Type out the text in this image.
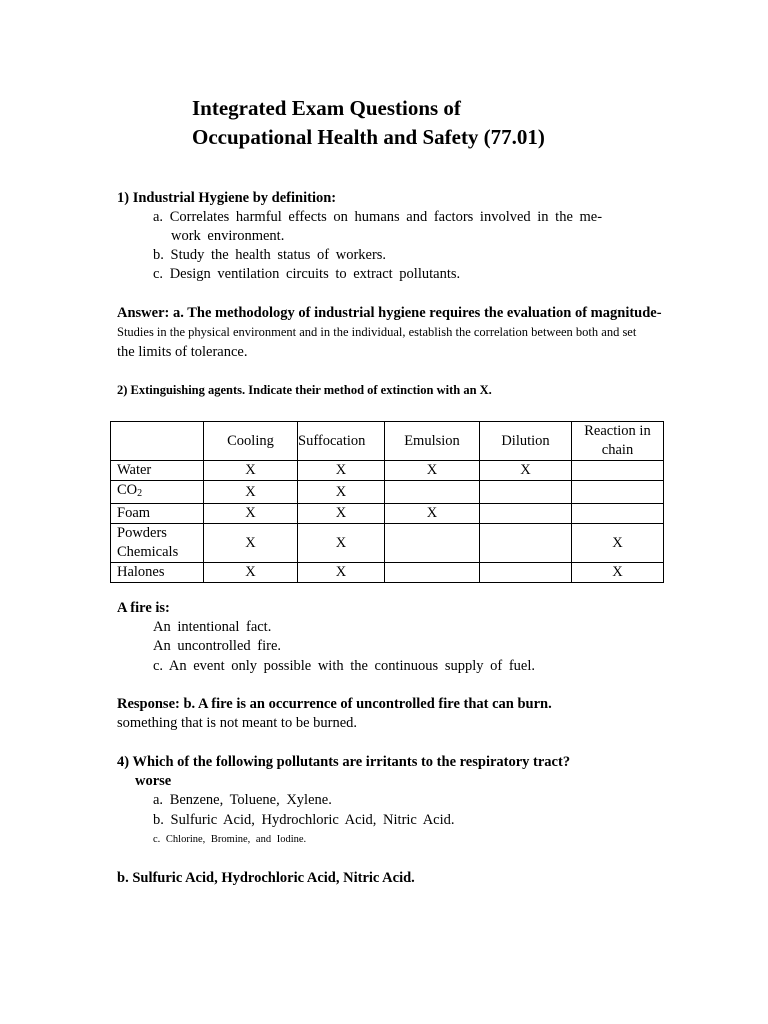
Integrated Exam Questions of
Occupational Health and Safety (77.01)
1) Industrial Hygiene by definition:
a. Correlates harmful effects on humans and factors involved in the me-
work environment.
b. Study the health status of workers.
c. Design ventilation circuits to extract pollutants.
Answer: a. The methodology of industrial hygiene requires the evaluation of magnitude-
Studies in the physical environment and in the individual, establish the correlation between both and set
the limits of tolerance.
2) Extinguishing agents. Indicate their method of extinction with an X.
	Cooling	Suffocation	Emulsion	Dilution	Reaction in
chain

Water	X	X	X	X	
$CO_2$	X	X			
Foam	X	X	X		

Powders
Chemicals	X	X			X
Halones	X	X			X
A fire is:
An intentional fact.
An uncontrolled fire.
c. An event only possible with the continuous supply of fuel.
Response: b. A fire is an occurrence of uncontrolled fire that can burn.
something that is not meant to be burned.
4) Which of the following pollutants are irritants to the respiratory tract?
worse
a. Benzene, Toluene, Xylene.
b. Sulfuric Acid, Hydrochloric Acid, Nitric Acid.
c. Chlorine, Bromine, and Iodine.
b. Sulfuric Acid, Hydrochloric Acid, Nitric Acid.
